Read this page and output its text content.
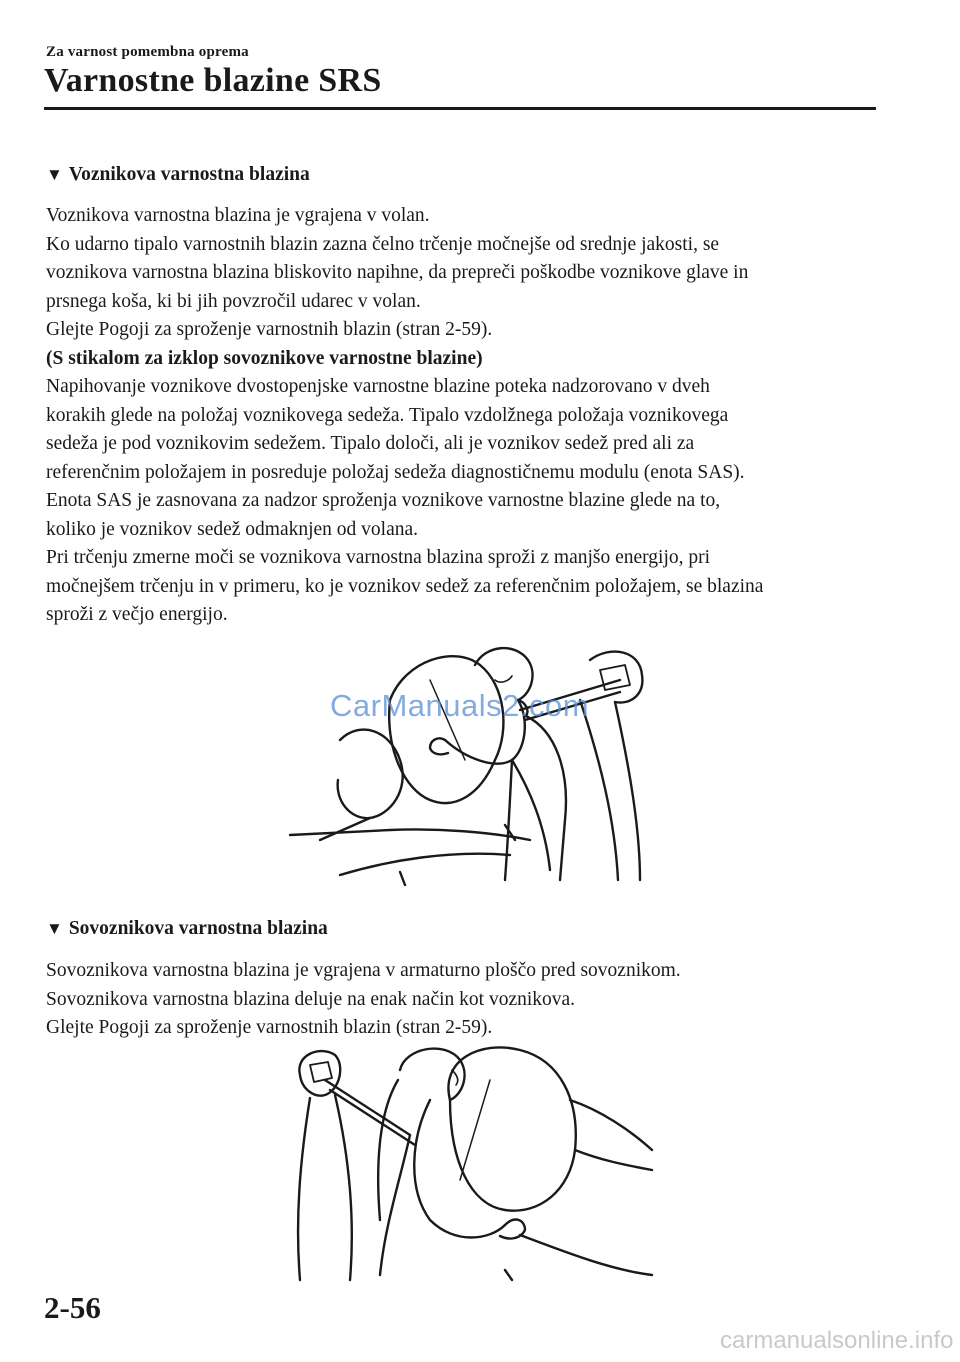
Za varnost pomembna oprema
Varnostne blazine SRS
▼ Voznikova varnostna blazina
Voznikova varnostna blazina je vgrajena v volan.
Ko udarno tipalo varnostnih blazin zazna čelno trčenje močnejše od srednje jakosti, se
voznikova varnostna blazina bliskovito napihne, da prepreči poškodbe voznikove glave in
prsnega koša, ki bi jih povzročil udarec v volan.
Glejte Pogoji za sproženje varnostnih blazin (stran 2-59).
(S stikalom za izklop sovoznikove varnostne blazine)
Napihovanje voznikove dvostopenjske varnostne blazine poteka nadzorovano v dveh
korakih glede na položaj voznikovega sedeža. Tipalo vzdolžnega položaja voznikovega
sedeža je pod voznikovim sedežem. Tipalo določi, ali je voznikov sedež pred ali za
referenčnim položajem in posreduje položaj sedeža diagnostičnemu modulu (enota SAS).
Enota SAS je zasnovana za nadzor sproženja voznikove varnostne blazine glede na to,
koliko je voznikov sedež odmaknjen od volana.
Pri trčenju zmerne moči se voznikova varnostna blazina sproži z manjšo energijo, pri
močnejšem trčenju in v primeru, ko je voznikov sedež za referenčnim položajem, se blazina
sproži z večjo energijo.
CarManuals2.com
▼ Sovoznikova varnostna blazina
Sovoznikova varnostna blazina je vgrajena v armaturno ploščo pred sovoznikom.
Sovoznikova varnostna blazina deluje na enak način kot voznikova.
Glejte Pogoji za sproženje varnostnih blazin (stran 2-59).
2-56
carmanualsonline.info
